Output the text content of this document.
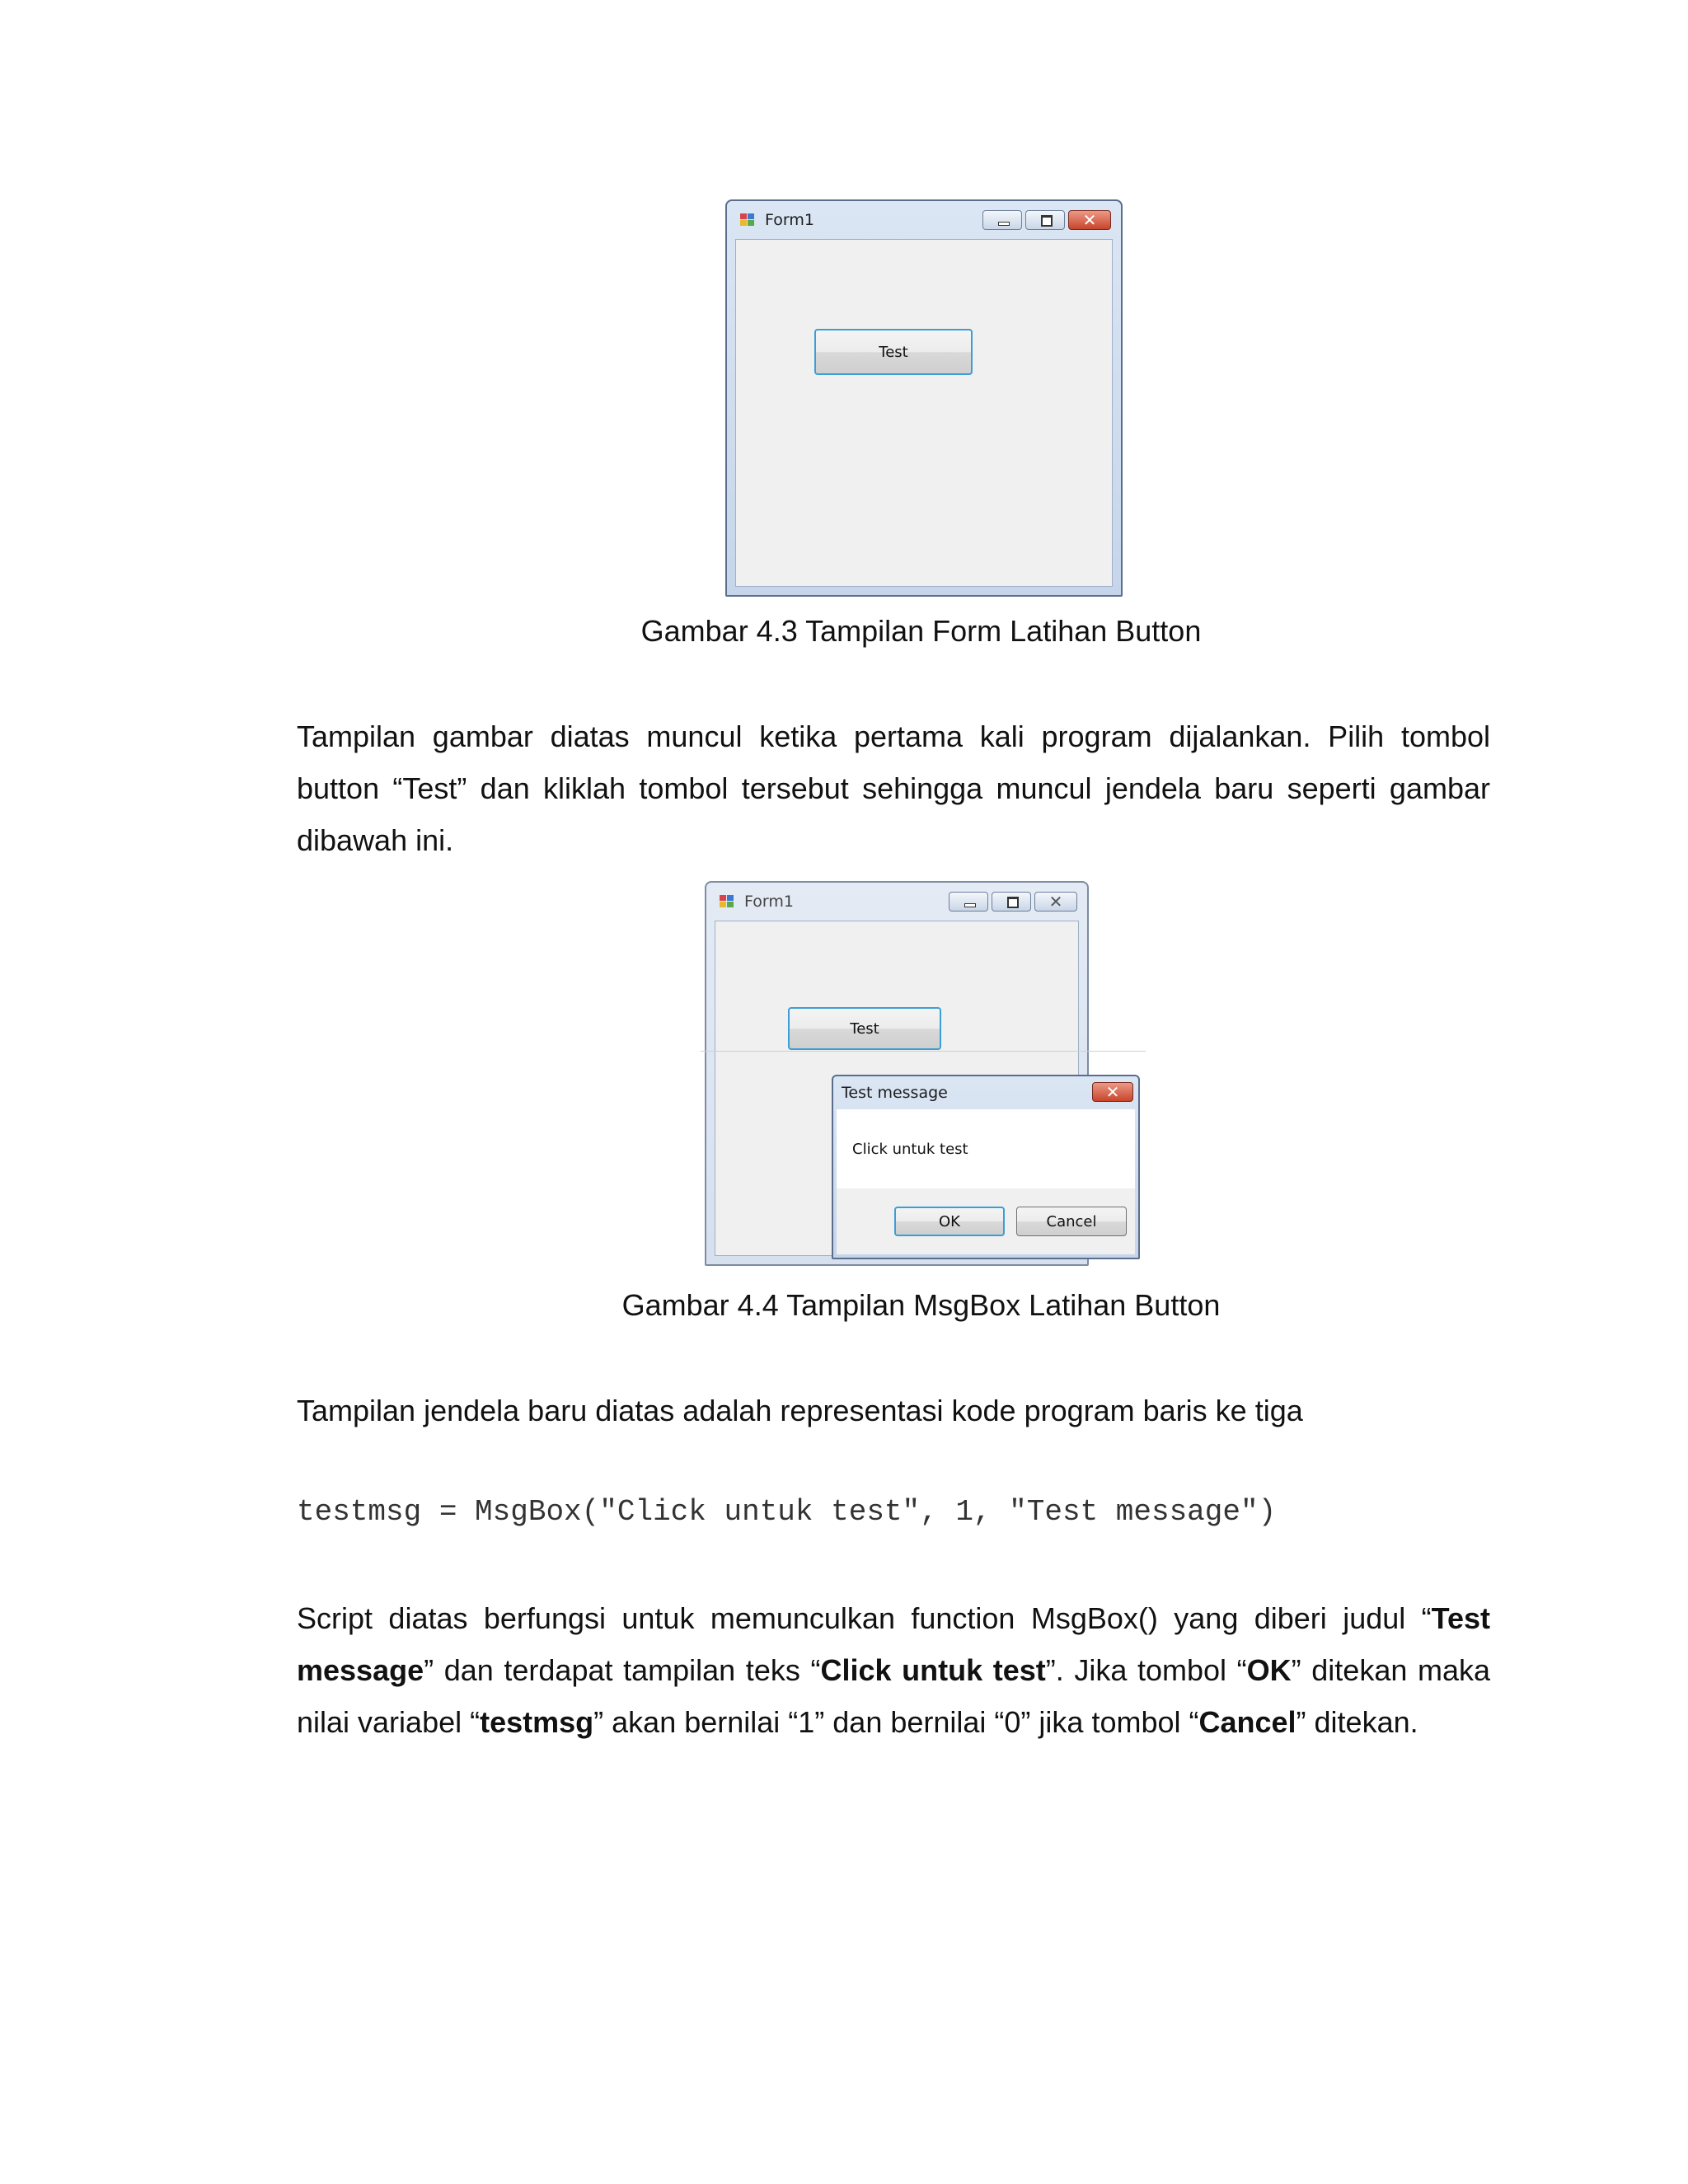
Form1	✕
Test
Gambar 4.3 Tampilan Form Latihan Button

Tampilan gambar diatas muncul ketika pertama kali program dijalankan. Pilih tombol button “Test” dan kliklah tombol tersebut sehingga muncul jendela baru seperti gambar dibawah ini.

Form1	✕
Test
Test message	✕
Click untuk test
OK	Cancel
Gambar 4.4 Tampilan MsgBox Latihan Button

Tampilan jendela baru diatas adalah representasi kode program baris ke tiga

testmsg = MsgBox("Click untuk test", 1, "Test message")

Script diatas berfungsi untuk memunculkan function MsgBox() yang diberi judul “Test message” dan terdapat tampilan teks “Click untuk test”. Jika tombol “OK” ditekan maka nilai variabel “testmsg” akan bernilai “1” dan bernilai “0” jika tombol “Cancel” ditekan.
